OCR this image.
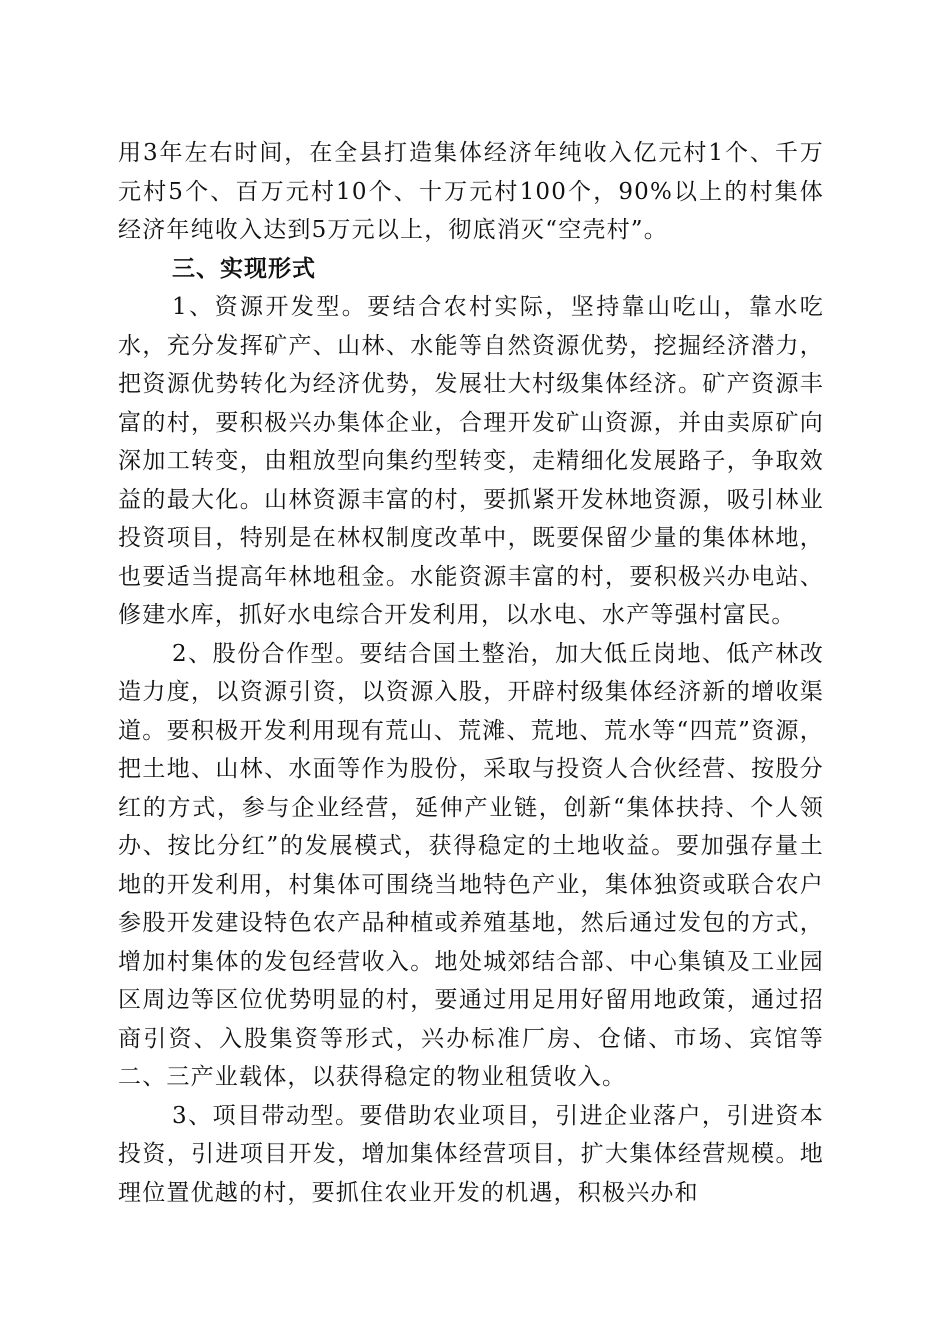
用3年左右时间，在全县打造集体经济年纯收入亿元村1个、千万元村5个、百万元村10个、十万元村100个，90%以上的村集体经济年纯收入达到5万元以上，彻底消灭“空壳村”。

三、实现形式

1、资源开发型。要结合农村实际，坚持靠山吃山，靠水吃水，充分发挥矿产、山林、水能等自然资源优势，挖掘经济潜力，把资源优势转化为经济优势，发展壮大村级集体经济。矿产资源丰富的村，要积极兴办集体企业，合理开发矿山资源，并由卖原矿向深加工转变，由粗放型向集约型转变，走精细化发展路子，争取效益的最大化。山林资源丰富的村，要抓紧开发林地资源，吸引林业投资项目，特别是在林权制度改革中，既要保留少量的集体林地，也要适当提高年林地租金。水能资源丰富的村，要积极兴办电站、修建水库，抓好水电综合开发利用，以水电、水产等强村富民。

2、股份合作型。要结合国土整治，加大低丘岗地、低产林改造力度，以资源引资，以资源入股，开辟村级集体经济新的增收渠道。要积极开发利用现有荒山、荒滩、荒地、荒水等“四荒”资源，把土地、山林、水面等作为股份，采取与投资人合伙经营、按股分红的方式，参与企业经营，延伸产业链，创新“集体扶持、个人领办、按比分红”的发展模式，获得稳定的土地收益。要加强存量土地的开发利用，村集体可围绕当地特色产业，集体独资或联合农户参股开发建设特色农产品种植或养殖基地，然后通过发包的方式，增加村集体的发包经营收入。地处城郊结合部、中心集镇及工业园区周边等区位优势明显的村，要通过用足用好留用地政策，通过招商引资、入股集资等形式，兴办标准厂房、仓储、市场、宾馆等二、三产业载体，以获得稳定的物业租赁收入。

3、项目带动型。要借助农业项目，引进企业落户，引进资本投资，引进项目开发，增加集体经营项目，扩大集体经营规模。地理位置优越的村，要抓住农业开发的机遇，积极兴办和
